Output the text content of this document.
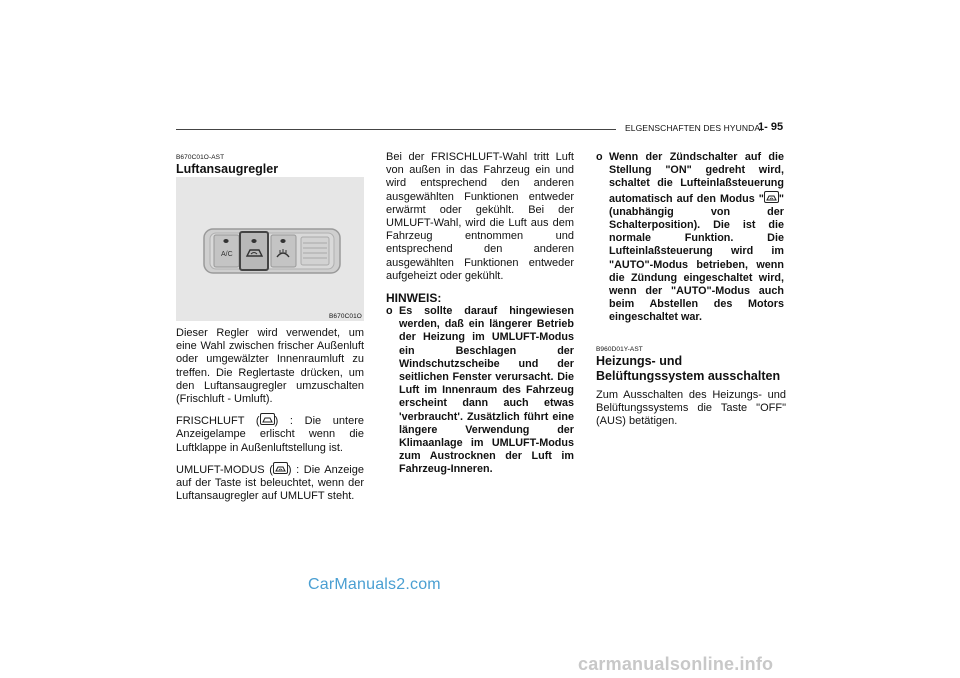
ELGENSCHAFTEN DES HYUNDAI
1- 95
B670C01O-AST
Luftansaugregler
A/C
B670C01O

Dieser Regler wird verwendet, um eine Wahl zwischen frischer Außenluft oder umgewälzter Innenraumluft zu treffen. Die Reglertaste drücken, um den Luftansaugregler umzuschalten (Frischluft - Umluft).

FRISCHLUFT ( ) : Die untere Anzeigelampe erlischt wenn die Luftklappe in Außenluftstellung ist.

UMLUFT-MODUS ( ) : Die Anzeige auf der Taste ist beleuchtet, wenn der Luftansaugregler auf UMLUFT steht.

Bei der FRISCHLUFT-Wahl tritt Luft von außen in das Fahrzeug ein und wird entsprechend den anderen ausgewählten Funktionen entweder erwärmt oder gekühlt. Bei der UMLUFT-Wahl, wird die Luft aus dem Fahrzeug entnommen und entsprechend den anderen ausgewählten Funktionen entweder aufgeheizt oder gekühlt.

HINWEIS:
o Es sollte darauf hingewiesen werden, daß ein längerer Betrieb der Heizung im UMLUFT-Modus ein Beschlagen der Windschutzscheibe und der seitlichen Fenster verursacht. Die Luft im Innenraum des Fahrzeug erscheint dann auch etwas 'verbraucht'. Zusätzlich führt eine längere Verwendung der Klimaanlage im UMLUFT-Modus zum Austrocknen der Luft im Fahrzeug-Inneren.
o Wenn der Zündschalter auf die Stellung "ON" gedreht wird, schaltet die Lufteinlaßsteuerung automatisch auf den Modus " " (unabhängig von der Schalterposition). Die ist die normale Funktion. Die Lufteinlaßsteuerung wird im "AUTO"-Modus betrieben, wenn die Zündung eingeschaltet wird, wenn der "AUTO"-Modus auch beim Abstellen des Motors eingeschaltet war.
B960D01Y-AST
Heizungs- und Belüftungssystem ausschalten

Zum Ausschalten des Heizungs- und Belüftungssystems die Taste "OFF" (AUS) betätigen.

CarManuals2.com
carmanualsonline.info
